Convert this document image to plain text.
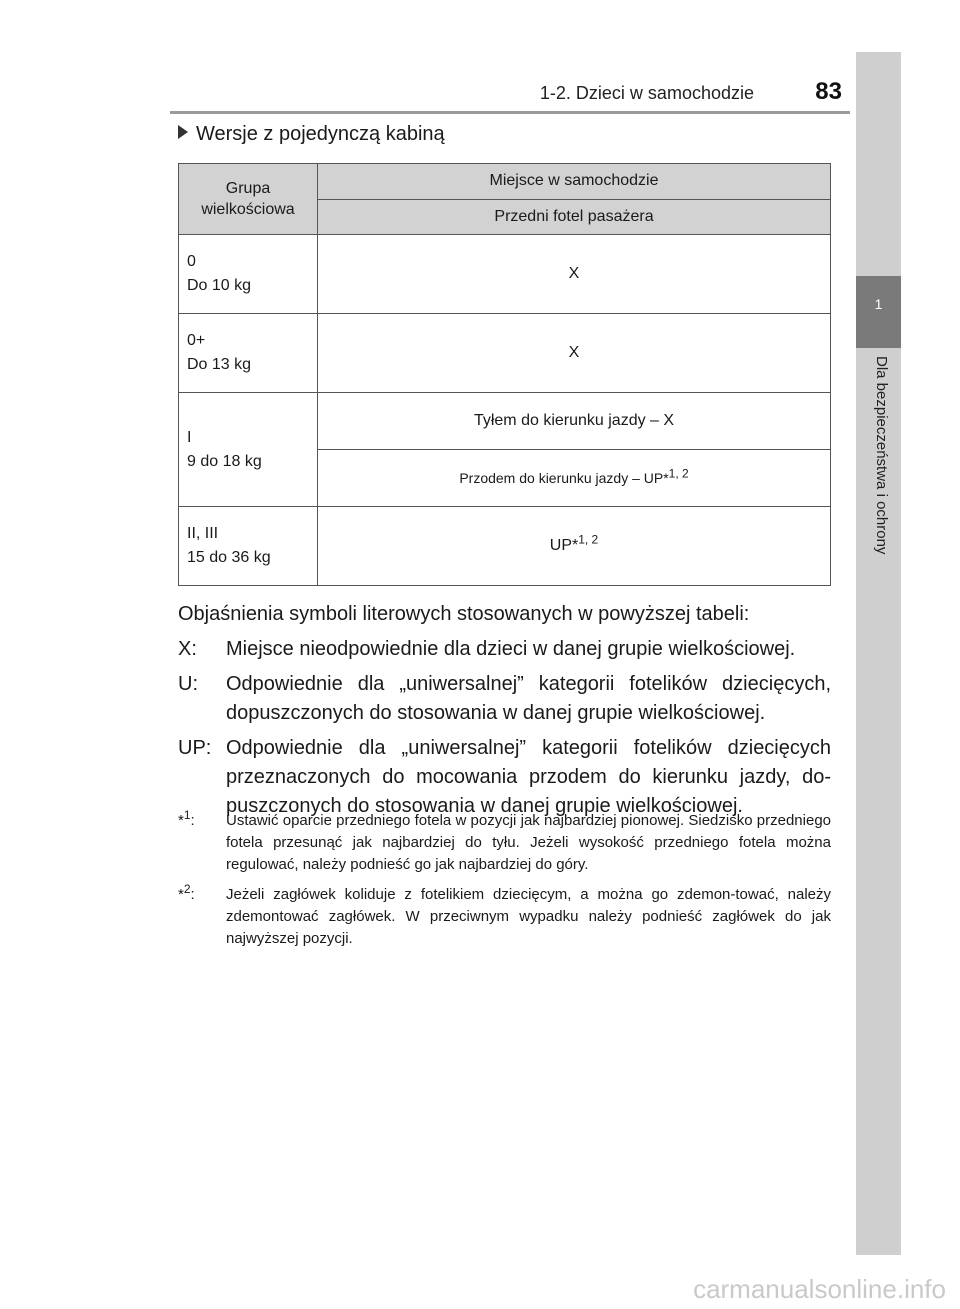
1-2. Dzieci w samochodzie	83
1
Dla bezpieczeństwa i ochrony
Wersje z pojedynczą kabiną
Grupa wielkościowa	Miejsce w samochodzie
	Przedni fotel pasażera
0
Do 10 kg	X
0+
Do 13 kg	X
I
9 do 18 kg	Tyłem do kierunku jazdy – X
	Przodem do kierunku jazdy – UP*1, 2
II, III
15 do 36 kg	UP*$^{1, 2}$
Objaśnienia symboli literowych stosowanych w powyższej tabeli:
X:	Miejsce nieodpowiednie dla dzieci w danej grupie wielkościowej.
U:	Odpowiednie dla „uniwersalnej” kategorii fotelików dziecięcych, dopuszczonych do stosowania w danej grupie wielkościowej.
UP: Odpowiednie dla „uniwersalnej” kategorii fotelików dziecięcych przeznaczonych do mocowania przodem do kierunku jazdy, do-puszczonych do stosowania w danej grupie wielkościowej.
*$^1$:	Ustawić oparcie przedniego fotela w pozycji jak najbardziej pionowej. Siedzisko przedniego fotela przesunąć jak najbardziej do tyłu. Jeżeli wysokość przedniego fotela można regulować, należy podnieść go jak najbardziej do góry.
*$^2$:	Jeżeli zagłówek koliduje z fotelikiem dziecięcym, a można go zdemon-tować, należy zdemontować zagłówek. W przeciwnym wypadku należy podnieść zagłówek do jak najwyższej pozycji.
carmanualsonline.info
